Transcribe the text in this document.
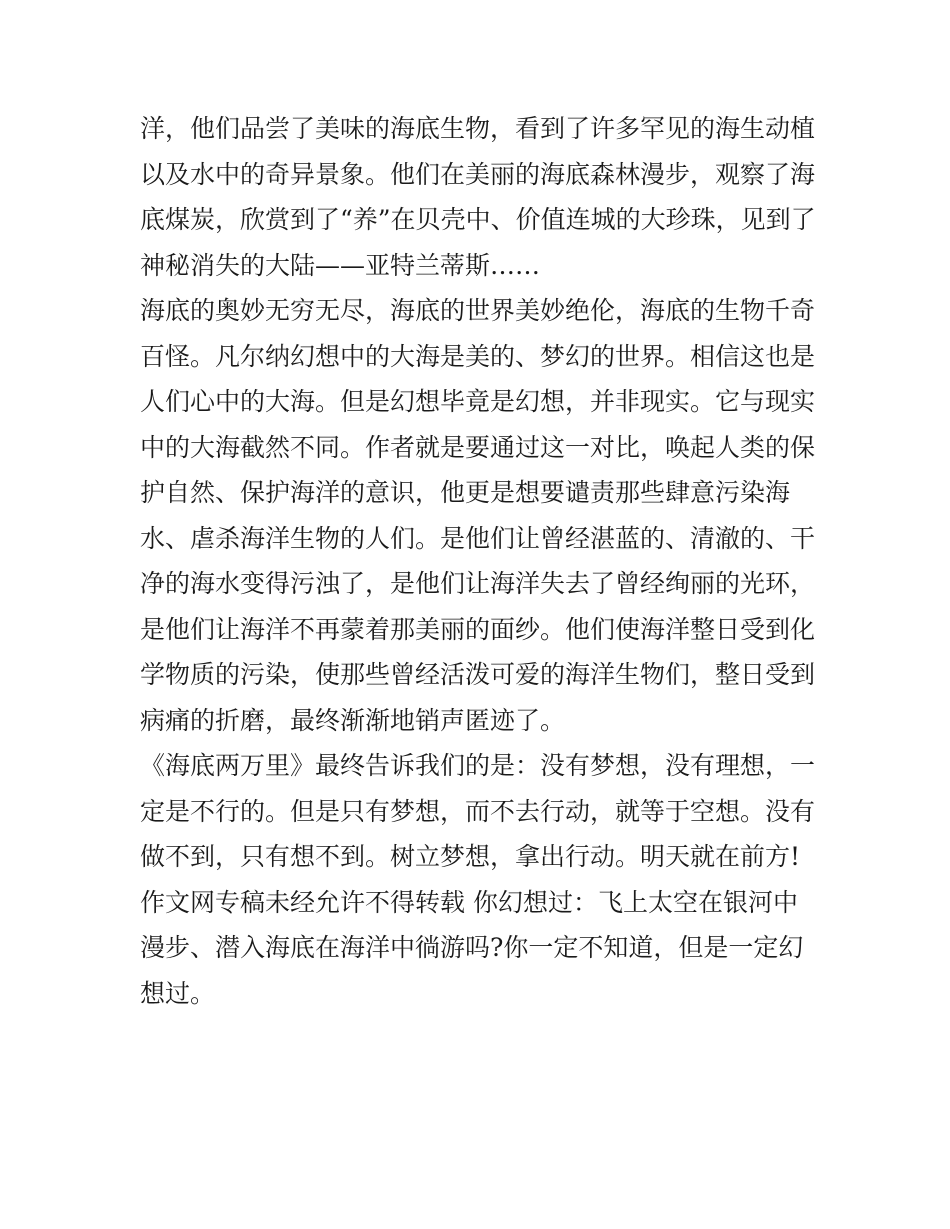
洋，他们品尝了美味的海底生物，看到了许多罕见的海生动植
以及水中的奇异景象。他们在美丽的海底森林漫步，观察了海
底煤炭，欣赏到了“养”在贝壳中、价值连城的大珍珠，见到了
神秘消失的大陆——亚特兰蒂斯……
海底的奥妙无穷无尽，海底的世界美妙绝伦，海底的生物千奇
百怪。凡尔纳幻想中的大海是美的、梦幻的世界。相信这也是
人们心中的大海。但是幻想毕竟是幻想，并非现实。它与现实
中的大海截然不同。作者就是要通过这一对比，唤起人类的保
护自然、保护海洋的意识，他更是想要谴责那些肆意污染海
水、虐杀海洋生物的人们。是他们让曾经湛蓝的、清澈的、干
净的海水变得污浊了，是他们让海洋失去了曾经绚丽的光环，
是他们让海洋不再蒙着那美丽的面纱。他们使海洋整日受到化
学物质的污染，使那些曾经活泼可爱的海洋生物们，整日受到
病痛的折磨，最终渐渐地销声匿迹了。
《海底两万里》最终告诉我们的是：没有梦想，没有理想，一
定是不行的。但是只有梦想，而不去行动，就等于空想。没有
做不到，只有想不到。树立梦想，拿出行动。明天就在前方!
作文网专稿未经允许不得转载 你幻想过：飞上太空在银河中
漫步、潜入海底在海洋中徜游吗?你一定不知道，但是一定幻
想过。
